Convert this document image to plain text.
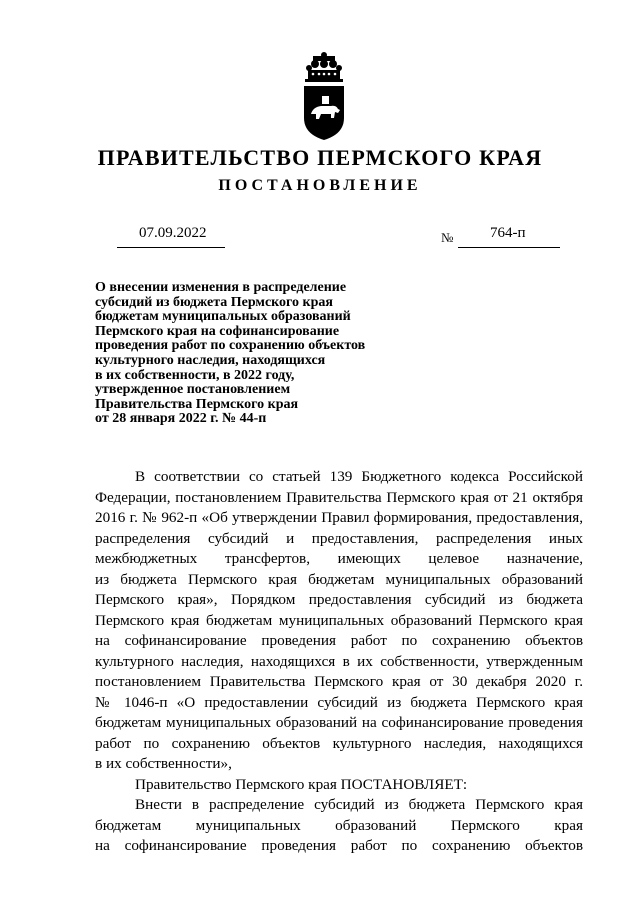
ПРАВИТЕЛЬСТВО ПЕРМСКОГО КРАЯ
ПОСТАНОВЛЕНИЕ
07.09.2022	№ 764-п
О внесении изменения в распределение
субсидий из бюджета Пермского края
бюджетам муниципальных образований
Пермского края на софинансирование
проведения работ по сохранению объектов
культурного наследия, находящихся
в их собственности, в 2022 году,
утвержденное постановлением
Правительства Пермского края
от 28 января 2022 г. № 44-п
В соответствии со статьей 139 Бюджетного кодекса Российской
Федерации, постановлением Правительства Пермского края от 21 октября
2016 г. № 962-п «Об утверждении Правил формирования, предоставления,
распределения субсидий и предоставления, распределения иных
межбюджетных трансфертов, имеющих целевое назначение,
из бюджета Пермского края бюджетам муниципальных образований
Пермского края», Порядком предоставления субсидий из бюджета
Пермского края бюджетам муниципальных образований Пермского края
на софинансирование проведения работ по сохранению объектов
культурного наследия, находящихся в их собственности, утвержденным
постановлением Правительства Пермского края от 30 декабря 2020 г.
№ 1046-п «О предоставлении субсидий из бюджета Пермского края
бюджетам муниципальных образований на софинансирование проведения
работ по сохранению объектов культурного наследия, находящихся
в их собственности»,
Правительство Пермского края ПОСТАНОВЛЯЕТ:
Внести в распределение субсидий из бюджета Пермского края
бюджетам муниципальных образований Пермского края
на софинансирование проведения работ по сохранению объектов
